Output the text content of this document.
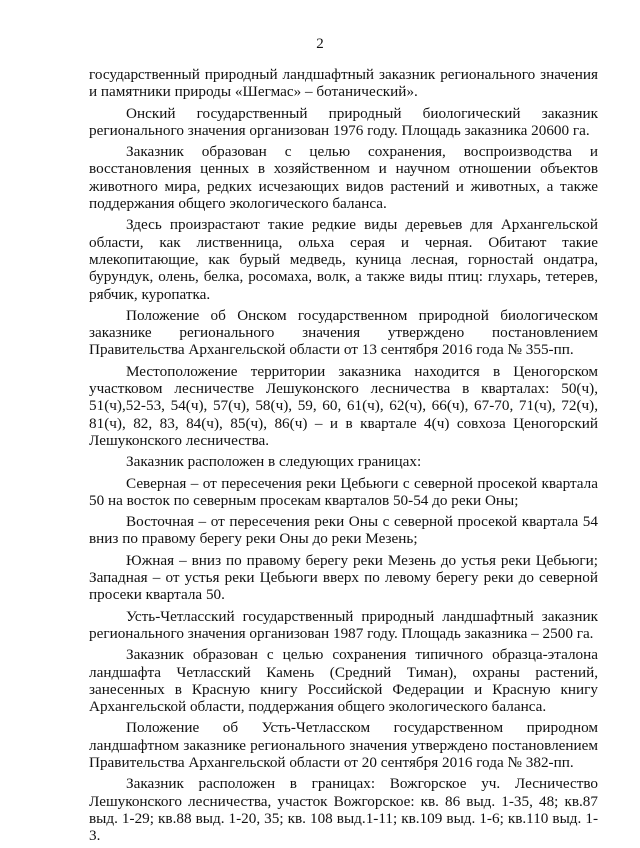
2

государственный природный ландшафтный заказник регионального значения и памятники природы «Шегмас» – ботанический».

Онский государственный природный биологический заказник регионального значения организован 1976 году. Площадь заказника 20600 га.

Заказник образован с целью сохранения, воспроизводства и восстановления ценных в хозяйственном и научном отношении объектов животного мира, редких исчезающих видов растений и животных, а также поддержания общего экологического баланса.

Здесь произрастают такие редкие виды деревьев для Архангельской области, как лиственница, ольха серая и черная. Обитают такие млекопитающие, как бурый медведь, куница лесная, горностай ондатра, бурундук, олень, белка, росомаха, волк, а также виды птиц: глухарь, тетерев, рябчик, куропатка.

Положение об Онском государственном природной биологическом заказнике регионального значения утверждено постановлением Правительства Архангельской области от 13 сентября 2016 года № 355-пп.

Местоположение территории заказника находится в Ценогорском участковом лесничестве Лешуконского лесничества в кварталах: 50(ч), 51(ч),52-53, 54(ч), 57(ч), 58(ч), 59, 60, 61(ч), 62(ч), 66(ч), 67-70, 71(ч), 72(ч), 81(ч), 82, 83, 84(ч), 85(ч), 86(ч) – и в квартале 4(ч) совхоза Ценогорский Лешуконского лесничества.

Заказник расположен в следующих границах:

Северная – от пересечения реки Цебьюги с северной просекой квартала 50 на восток по северным просекам кварталов 50-54 до реки Оны;

Восточная – от пересечения реки Оны с северной просекой квартала 54 вниз по правому берегу реки Оны до реки Мезень;

Южная – вниз по правому берегу реки Мезень до устья реки Цебьюги; Западная – от устья реки Цебьюги вверх по левому берегу реки до северной просеки квартала 50.

Усть-Четласский государственный природный ландшафтный заказник регионального значения организован 1987 году. Площадь заказника – 2500 га.

Заказник образован с целью сохранения типичного образца-эталона ландшафта Четласский Камень (Средний Тиман), охраны растений, занесенных в Красную книгу Российской Федерации и Красную книгу Архангельской области, поддержания общего экологического баланса.

Положение об Усть-Четласском государственном природном ландшафтном заказнике регионального значения утверждено постановлением Правительства Архангельской области от 20 сентября 2016 года № 382-пп.

Заказник расположен в границах: Вожгорское уч. Лесничество Лешуконского лесничества, участок Вожгорское: кв. 86 выд. 1-35, 48; кв.87 выд. 1-29; кв.88 выд. 1-20, 35; кв. 108 выд.1-11; кв.109 выд. 1-6; кв.110 выд. 1-3.
